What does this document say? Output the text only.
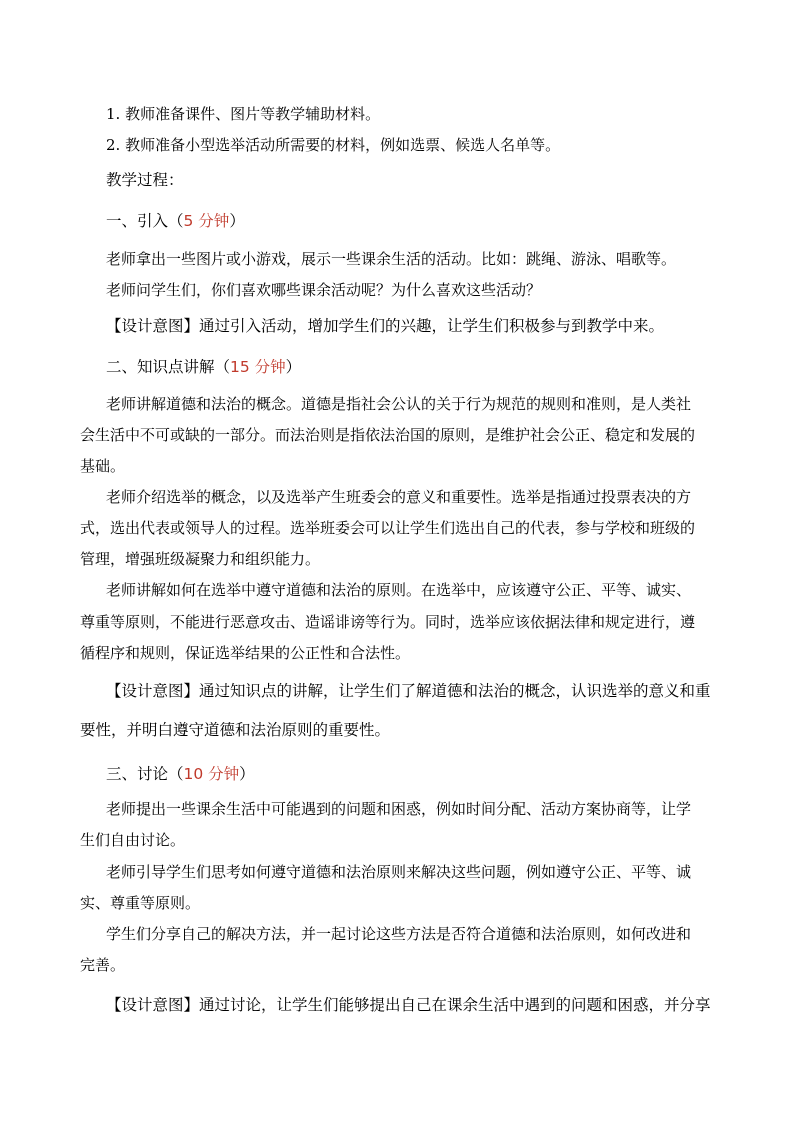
1. 教师准备课件、图片等教学辅助材料。
2. 教师准备小型选举活动所需要的材料，例如选票、候选人名单等。
教学过程：
一、引入（5 分钟）
老师拿出一些图片或小游戏，展示一些课余生活的活动。比如：跳绳、游泳、唱歌等。
老师问学生们，你们喜欢哪些课余活动呢？为什么喜欢这些活动？
【设计意图】通过引入活动，增加学生们的兴趣，让学生们积极参与到教学中来。
二、知识点讲解（15 分钟）
老师讲解道德和法治的概念。道德是指社会公认的关于行为规范的规则和准则，是人类社
会生活中不可或缺的一部分。而法治则是指依法治国的原则，是维护社会公正、稳定和发展的
基础。
老师介绍选举的概念，以及选举产生班委会的意义和重要性。选举是指通过投票表决的方
式，选出代表或领导人的过程。选举班委会可以让学生们选出自己的代表，参与学校和班级的
管理，增强班级凝聚力和组织能力。
老师讲解如何在选举中遵守道德和法治的原则。在选举中，应该遵守公正、平等、诚实、
尊重等原则，不能进行恶意攻击、造谣诽谤等行为。同时，选举应该依据法律和规定进行，遵
循程序和规则，保证选举结果的公正性和合法性。
【设计意图】通过知识点的讲解，让学生们了解道德和法治的概念，认识选举的意义和重
要性，并明白遵守道德和法治原则的重要性。
三、讨论（10 分钟）
老师提出一些课余生活中可能遇到的问题和困惑，例如时间分配、活动方案协商等，让学
生们自由讨论。
老师引导学生们思考如何遵守道德和法治原则来解决这些问题，例如遵守公正、平等、诚
实、尊重等原则。
学生们分享自己的解决方法，并一起讨论这些方法是否符合道德和法治原则，如何改进和
完善。
【设计意图】通过讨论，让学生们能够提出自己在课余生活中遇到的问题和困惑，并分享
